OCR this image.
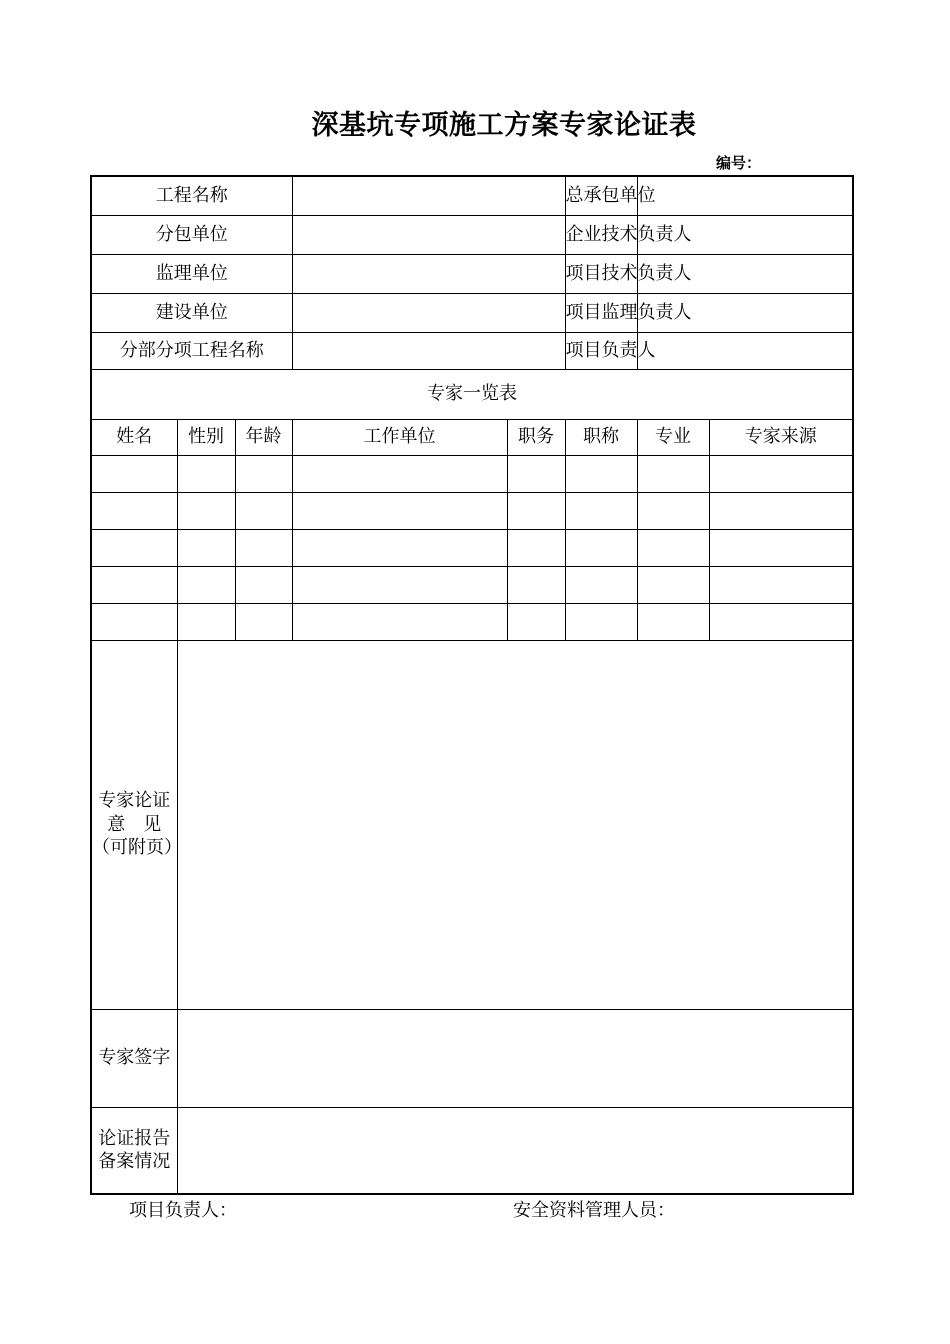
深基坑专项施工方案专家论证表
编号：
工程名称					总承包单位		
分包单位					企业技术负责人		
监理单位					项目技术负责人		
建设单位					项目监理负责人		
分部分项工程名称					项目负责人		
专家一览表							
姓名	性别	年龄	工作单位	职务	职称	专业	专家来源

专家论证
意　见
（可附页）							

专家签字							

论证报告
备案情况							

项目负责人：	安全资料管理人员：
